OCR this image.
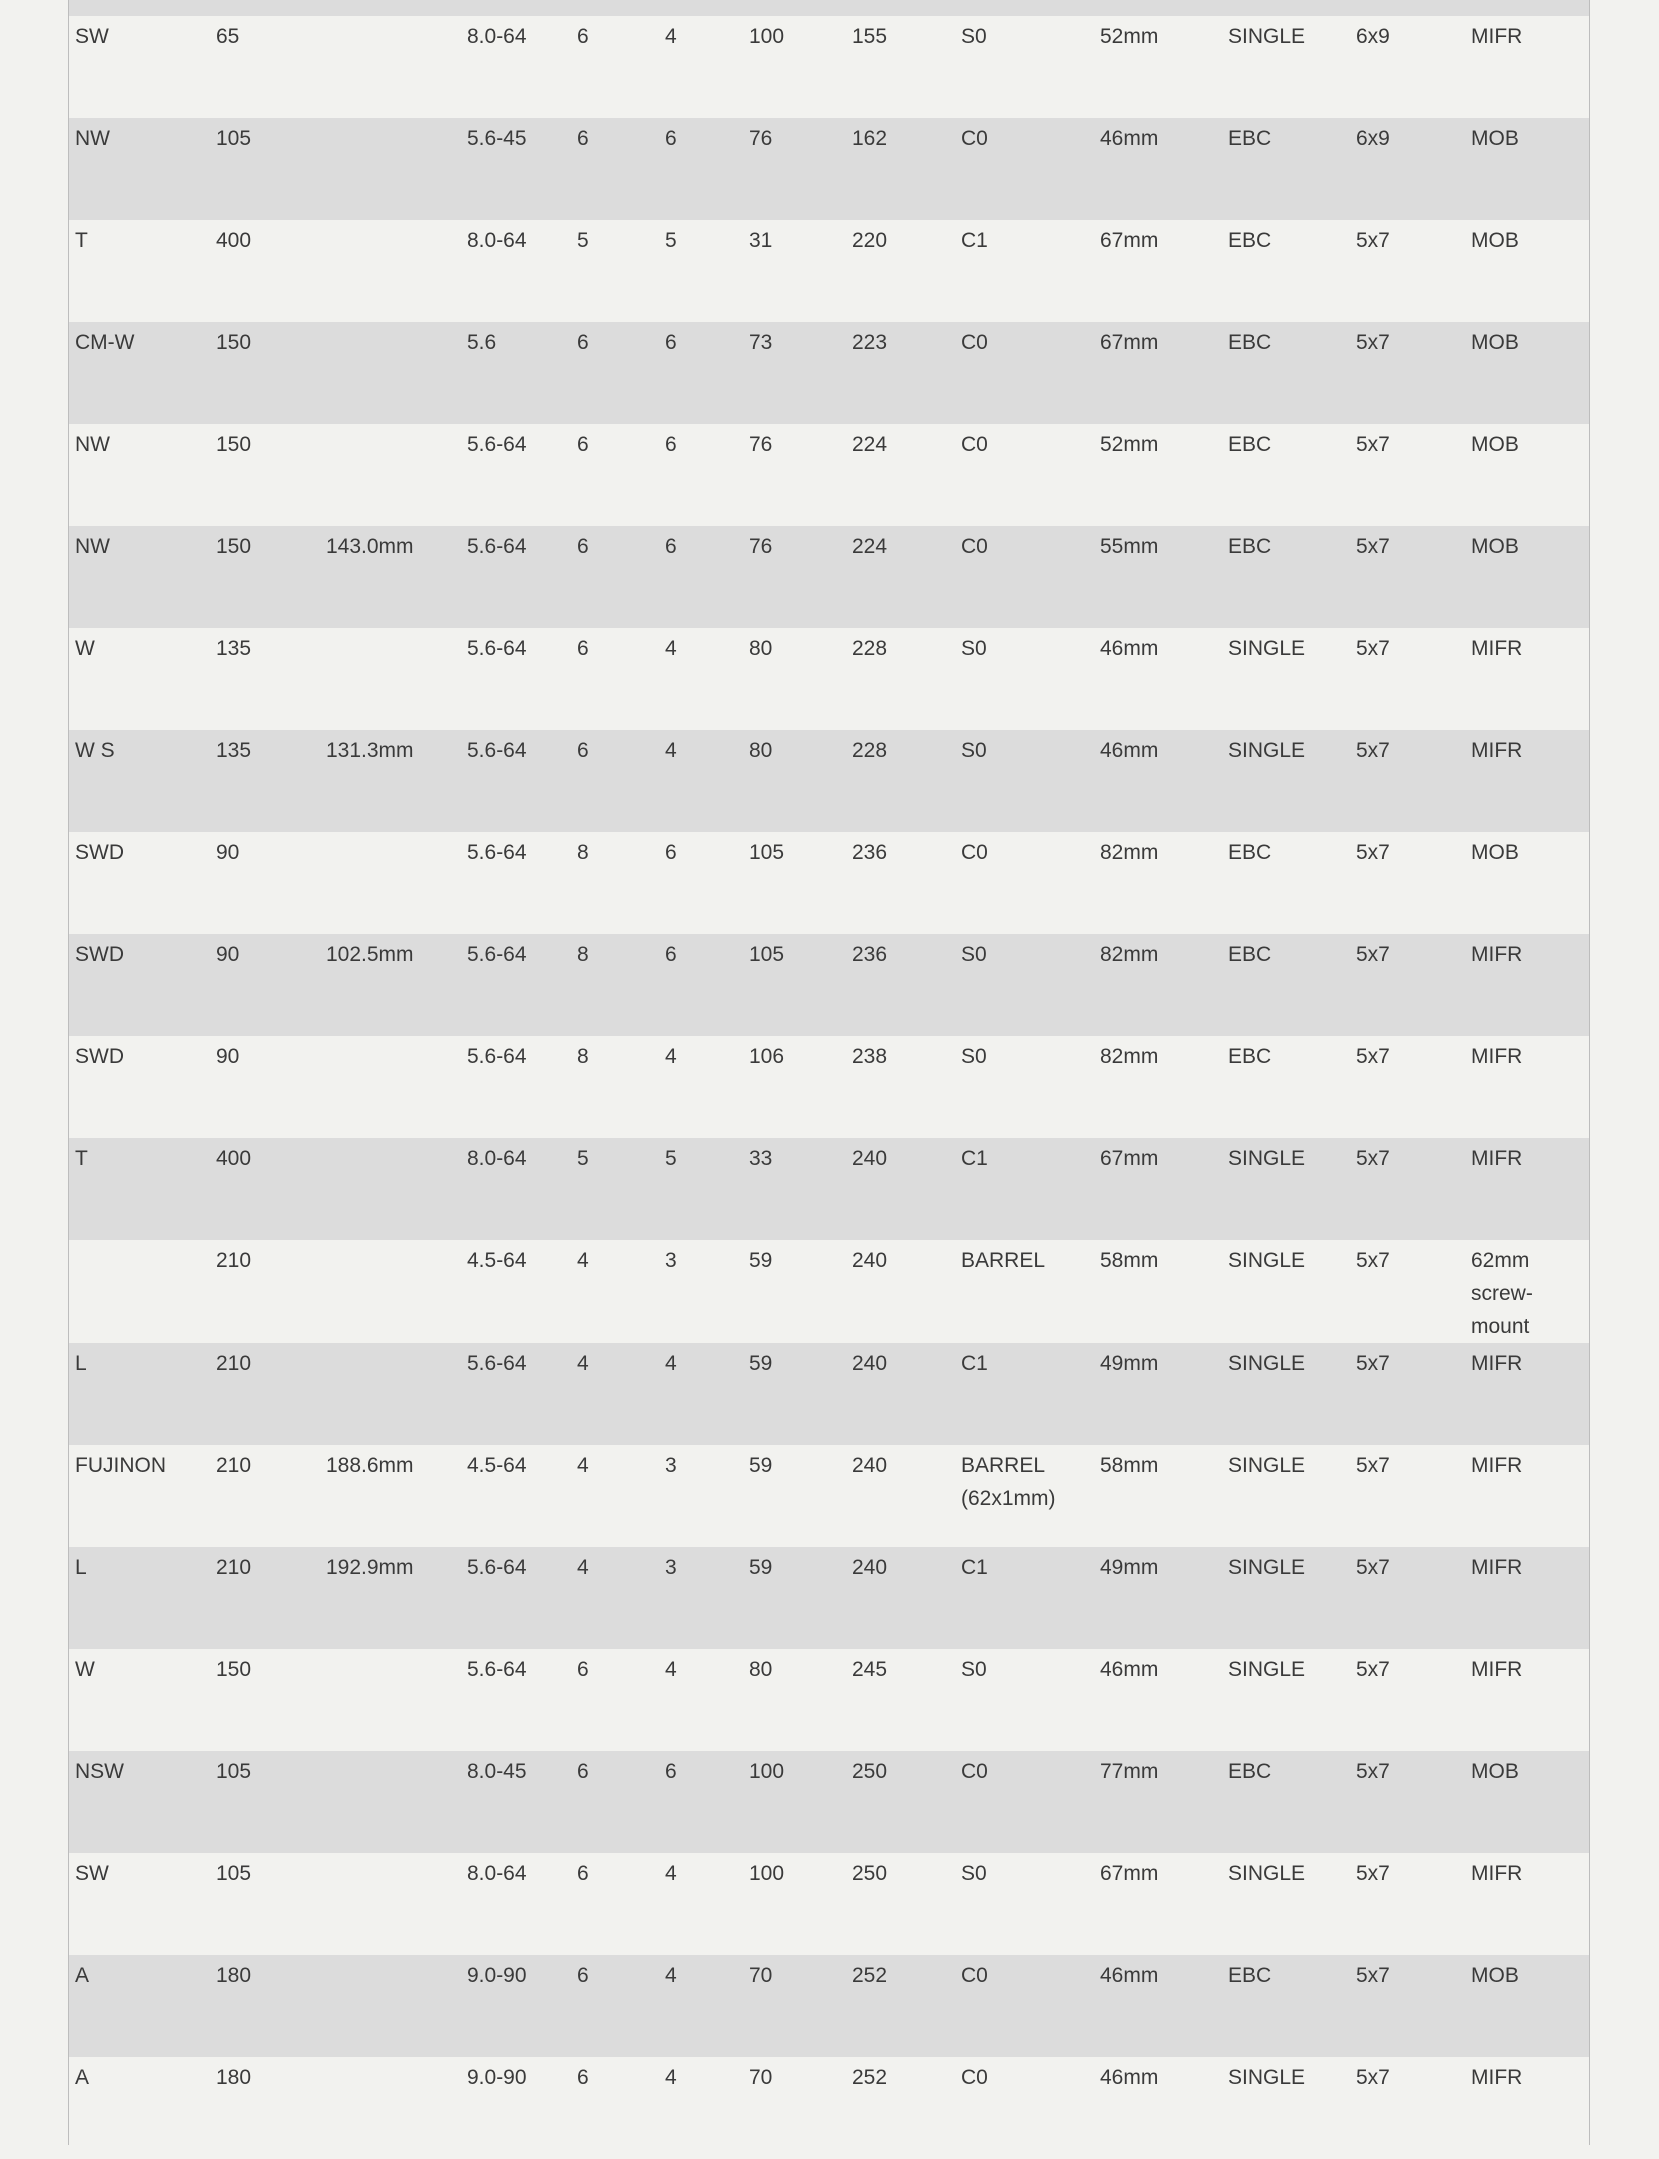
SW	65		8.0-64	6	4	100	155	S0	52mm	SINGLE	6x9	MIFR
NW	105		5.6-45	6	6	76	162	C0	46mm	EBC	6x9	MOB
T	400		8.0-64	5	5	31	220	C1	67mm	EBC	5x7	MOB
CM-W	150		5.6	6	6	73	223	C0	67mm	EBC	5x7	MOB
NW	150		5.6-64	6	6	76	224	C0	52mm	EBC	5x7	MOB
NW	150	143.0mm	5.6-64	6	6	76	224	C0	55mm	EBC	5x7	MOB
W	135		5.6-64	6	4	80	228	S0	46mm	SINGLE	5x7	MIFR
W S	135	131.3mm	5.6-64	6	4	80	228	S0	46mm	SINGLE	5x7	MIFR
SWD	90		5.6-64	8	6	105	236	C0	82mm	EBC	5x7	MOB
SWD	90	102.5mm	5.6-64	8	6	105	236	S0	82mm	EBC	5x7	MIFR
SWD	90		5.6-64	8	4	106	238	S0	82mm	EBC	5x7	MIFR
T	400		8.0-64	5	5	33	240	C1	67mm	SINGLE	5x7	MIFR
	210		4.5-64	4	3	59	240	BARREL	58mm	SINGLE	5x7	62mm screw-mount
L	210		5.6-64	4	4	59	240	C1	49mm	SINGLE	5x7	MIFR
FUJINON	210	188.6mm	4.5-64	4	3	59	240	BARREL (62x1mm)	58mm	SINGLE	5x7	MIFR
L	210	192.9mm	5.6-64	4	3	59	240	C1	49mm	SINGLE	5x7	MIFR
W	150		5.6-64	6	4	80	245	S0	46mm	SINGLE	5x7	MIFR
NSW	105		8.0-45	6	6	100	250	C0	77mm	EBC	5x7	MOB
SW	105		8.0-64	6	4	100	250	S0	67mm	SINGLE	5x7	MIFR
A	180		9.0-90	6	4	70	252	C0	46mm	EBC	5x7	MOB
A	180		9.0-90	6	4	70	252	C0	46mm	SINGLE	5x7	MIFR
